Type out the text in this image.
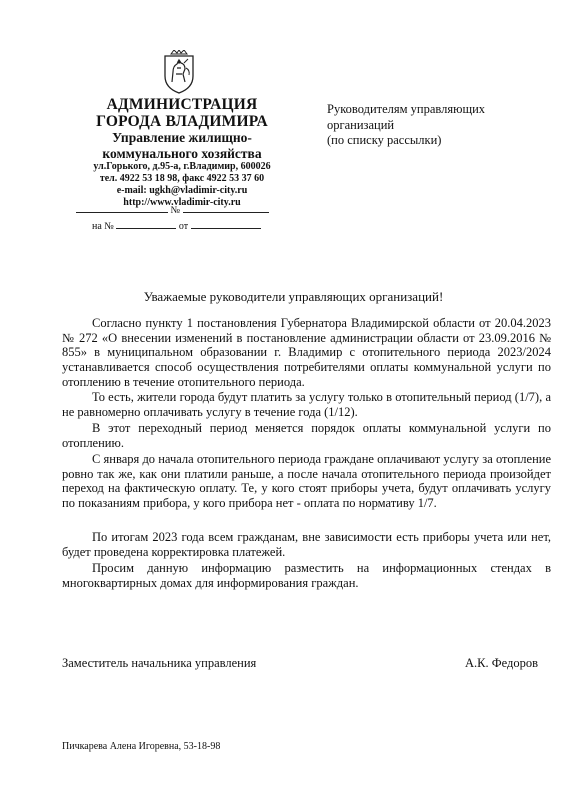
АДМИНИСТРАЦИЯ
ГОРОДА ВЛАДИМИРА
Управление жилищно-
коммунального хозяйства
ул.Горького, д.95-а, г.Владимир, 600026
тел. 4922 53 18 98, факс 4922 53 37 60
e-mail: ugkh@vladimir-city.ru
http://www.vladimir-city.ru
№
на №	от
Руководителям управляющих
организаций
(по списку рассылки)
Уважаемые руководители управляющих организаций!
Согласно пункту 1 постановления Губернатора Владимирской области от 20.04.2023 № 272 «О внесении изменений в постановление администрации области от 23.09.2016 № 855» в муниципальном образовании г. Владимир с отопительного периода 2023/2024 устанавливается способ осуществления потребителями оплаты коммунальной услуги по отоплению в течение отопительного периода.
То есть, жители города будут платить за услугу только в отопительный период (1/7), а не равномерно оплачивать услугу в течение года (1/12).
В этот переходный период меняется порядок оплаты коммунальной услуги по отоплению.
С января до начала отопительного периода граждане оплачивают услугу за отопление ровно так же, как они платили раньше, а после начала отопительного периода произойдет переход на фактическую оплату. Те, у кого стоят приборы учета, будут оплачивать услугу по показаниям прибора, у кого прибора нет - оплата по нормативу 1/7.
По итогам 2023 года всем гражданам, вне зависимости есть приборы учета или нет, будет проведена корректировка платежей.
Просим данную информацию разместить на информационных стендах в многоквартирных домах для информирования граждан.
Заместитель начальника управления	А.К. Федоров
Пичкарева Алена Игоревна, 53-18-98
